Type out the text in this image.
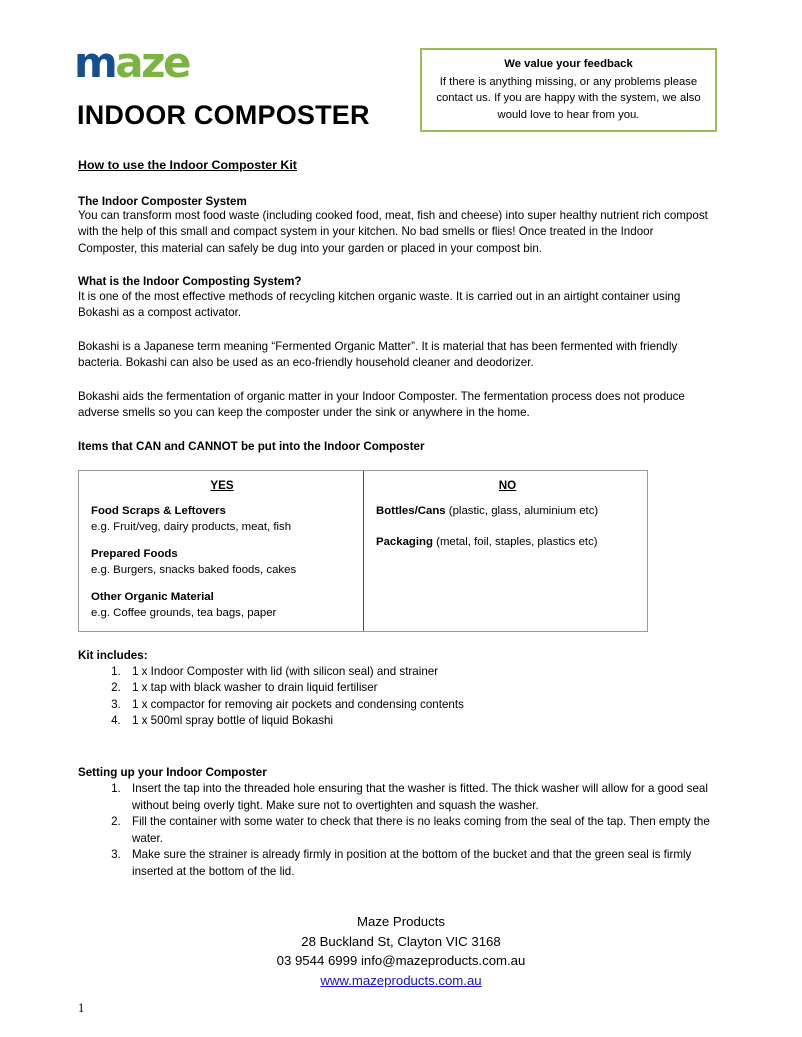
maze
INDOOR COMPOSTER
We value your feedback
If there is anything missing, or any problems please contact us. If you are happy with the system, we also would love to hear from you.
How to use the Indoor Composter Kit
The Indoor Composter System
You can transform most food waste (including cooked food, meat, fish and cheese) into super healthy nutrient rich compost with the help of this small and compact system in your kitchen. No bad smells or flies! Once treated in the Indoor Composter, this material can safely be dug into your garden or placed in your compost bin.
What is the Indoor Composting System?
It is one of the most effective methods of recycling kitchen organic waste. It is carried out in an airtight container using Bokashi as a compost activator.
Bokashi is a Japanese term meaning “Fermented Organic Matter”. It is material that has been fermented with friendly bacteria. Bokashi can also be used as an eco-friendly household cleaner and deodorizer.
Bokashi aids the fermentation of organic matter in your Indoor Composter. The fermentation process does not produce adverse smells so you can keep the composter under the sink or anywhere in the home.
Items that CAN and CANNOT be put into the Indoor Composter
YES
Food Scraps & Leftovers
e.g. Fruit/veg, dairy products, meat, fish
Prepared Foods
e.g. Burgers, snacks baked foods, cakes
Other Organic Material
e.g. Coffee grounds, tea bags, paper
NO
Bottles/Cans (plastic, glass, aluminium etc)
Packaging (metal, foil, staples, plastics etc)
Kit includes:
1. 1 x Indoor Composter with lid (with silicon seal) and strainer
2. 1 x tap with black washer to drain liquid fertiliser
3. 1 x compactor for removing air pockets and condensing contents
4. 1 x 500ml spray bottle of liquid Bokashi
Setting up your Indoor Composter
1. Insert the tap into the threaded hole ensuring that the washer is fitted. The thick washer will allow for a good seal without being overly tight. Make sure not to overtighten and squash the washer.
2. Fill the container with some water to check that there is no leaks coming from the seal of the tap. Then empty the water.
3. Make sure the strainer is already firmly in position at the bottom of the bucket and that the green seal is firmly inserted at the bottom of the lid.
Maze Products
28 Buckland St, Clayton VIC 3168
03 9544 6999 info@mazeproducts.com.au
www.mazeproducts.com.au
1
